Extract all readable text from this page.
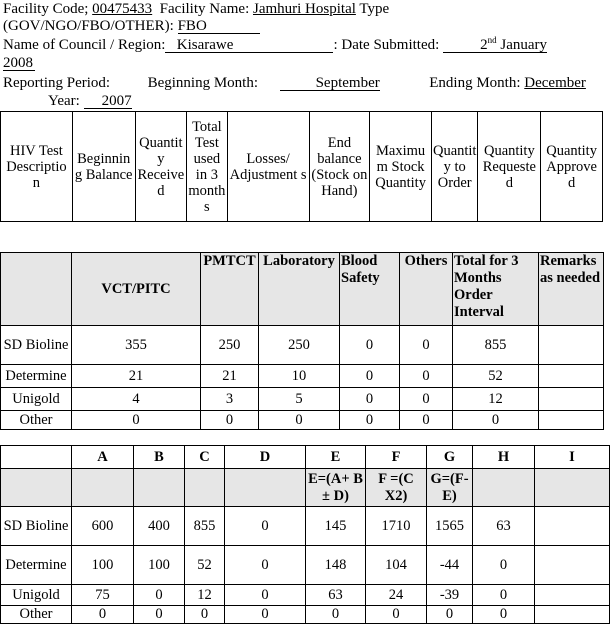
Facility Code; 00475433 Facility Name: Jamhuri Hospital Type
(GOV/NGO/FBO/OTHER): FBO
Name of Council / Region: Kisarawe	: Date Submitted:	2nd January
2008
Reporting Period:	Beginning Month:	September	Ending Month: December
Year: 2007
HIV Test Descriptio n	Beginnin g Balance	Quantit y Receive d	Total Test used in 3 month s	Losses/ Adjustment s	End balance (Stock on Hand)	Maximu m Stock Quantity	Quantit y to Order	Quantity Requeste d	Quantity Approve d
	VCT/PITC	PMTCT	Laboratory	Blood Safety	Others	Total for 3 Months Order Interval	Remarks as needed
SD Bioline	355	250	250	0	0	855	
Determine	21	21	10	0	0	52	
Unigold	4	3	5	0	0	12	
Other	0	0	0	0	0	0	
	A	B	C	D	E	F	G	H	I
					E=(A+ B ± D)	F =(C X2)	G=(F- E)		
SD Bioline	600	400	855	0	145	1710	1565	63	
Determine	100	100	52	0	148	104	-44	0	
Unigold	75	0	12	0	63	24	-39	0	
Other	0	0	0	0	0	0	0	0	
